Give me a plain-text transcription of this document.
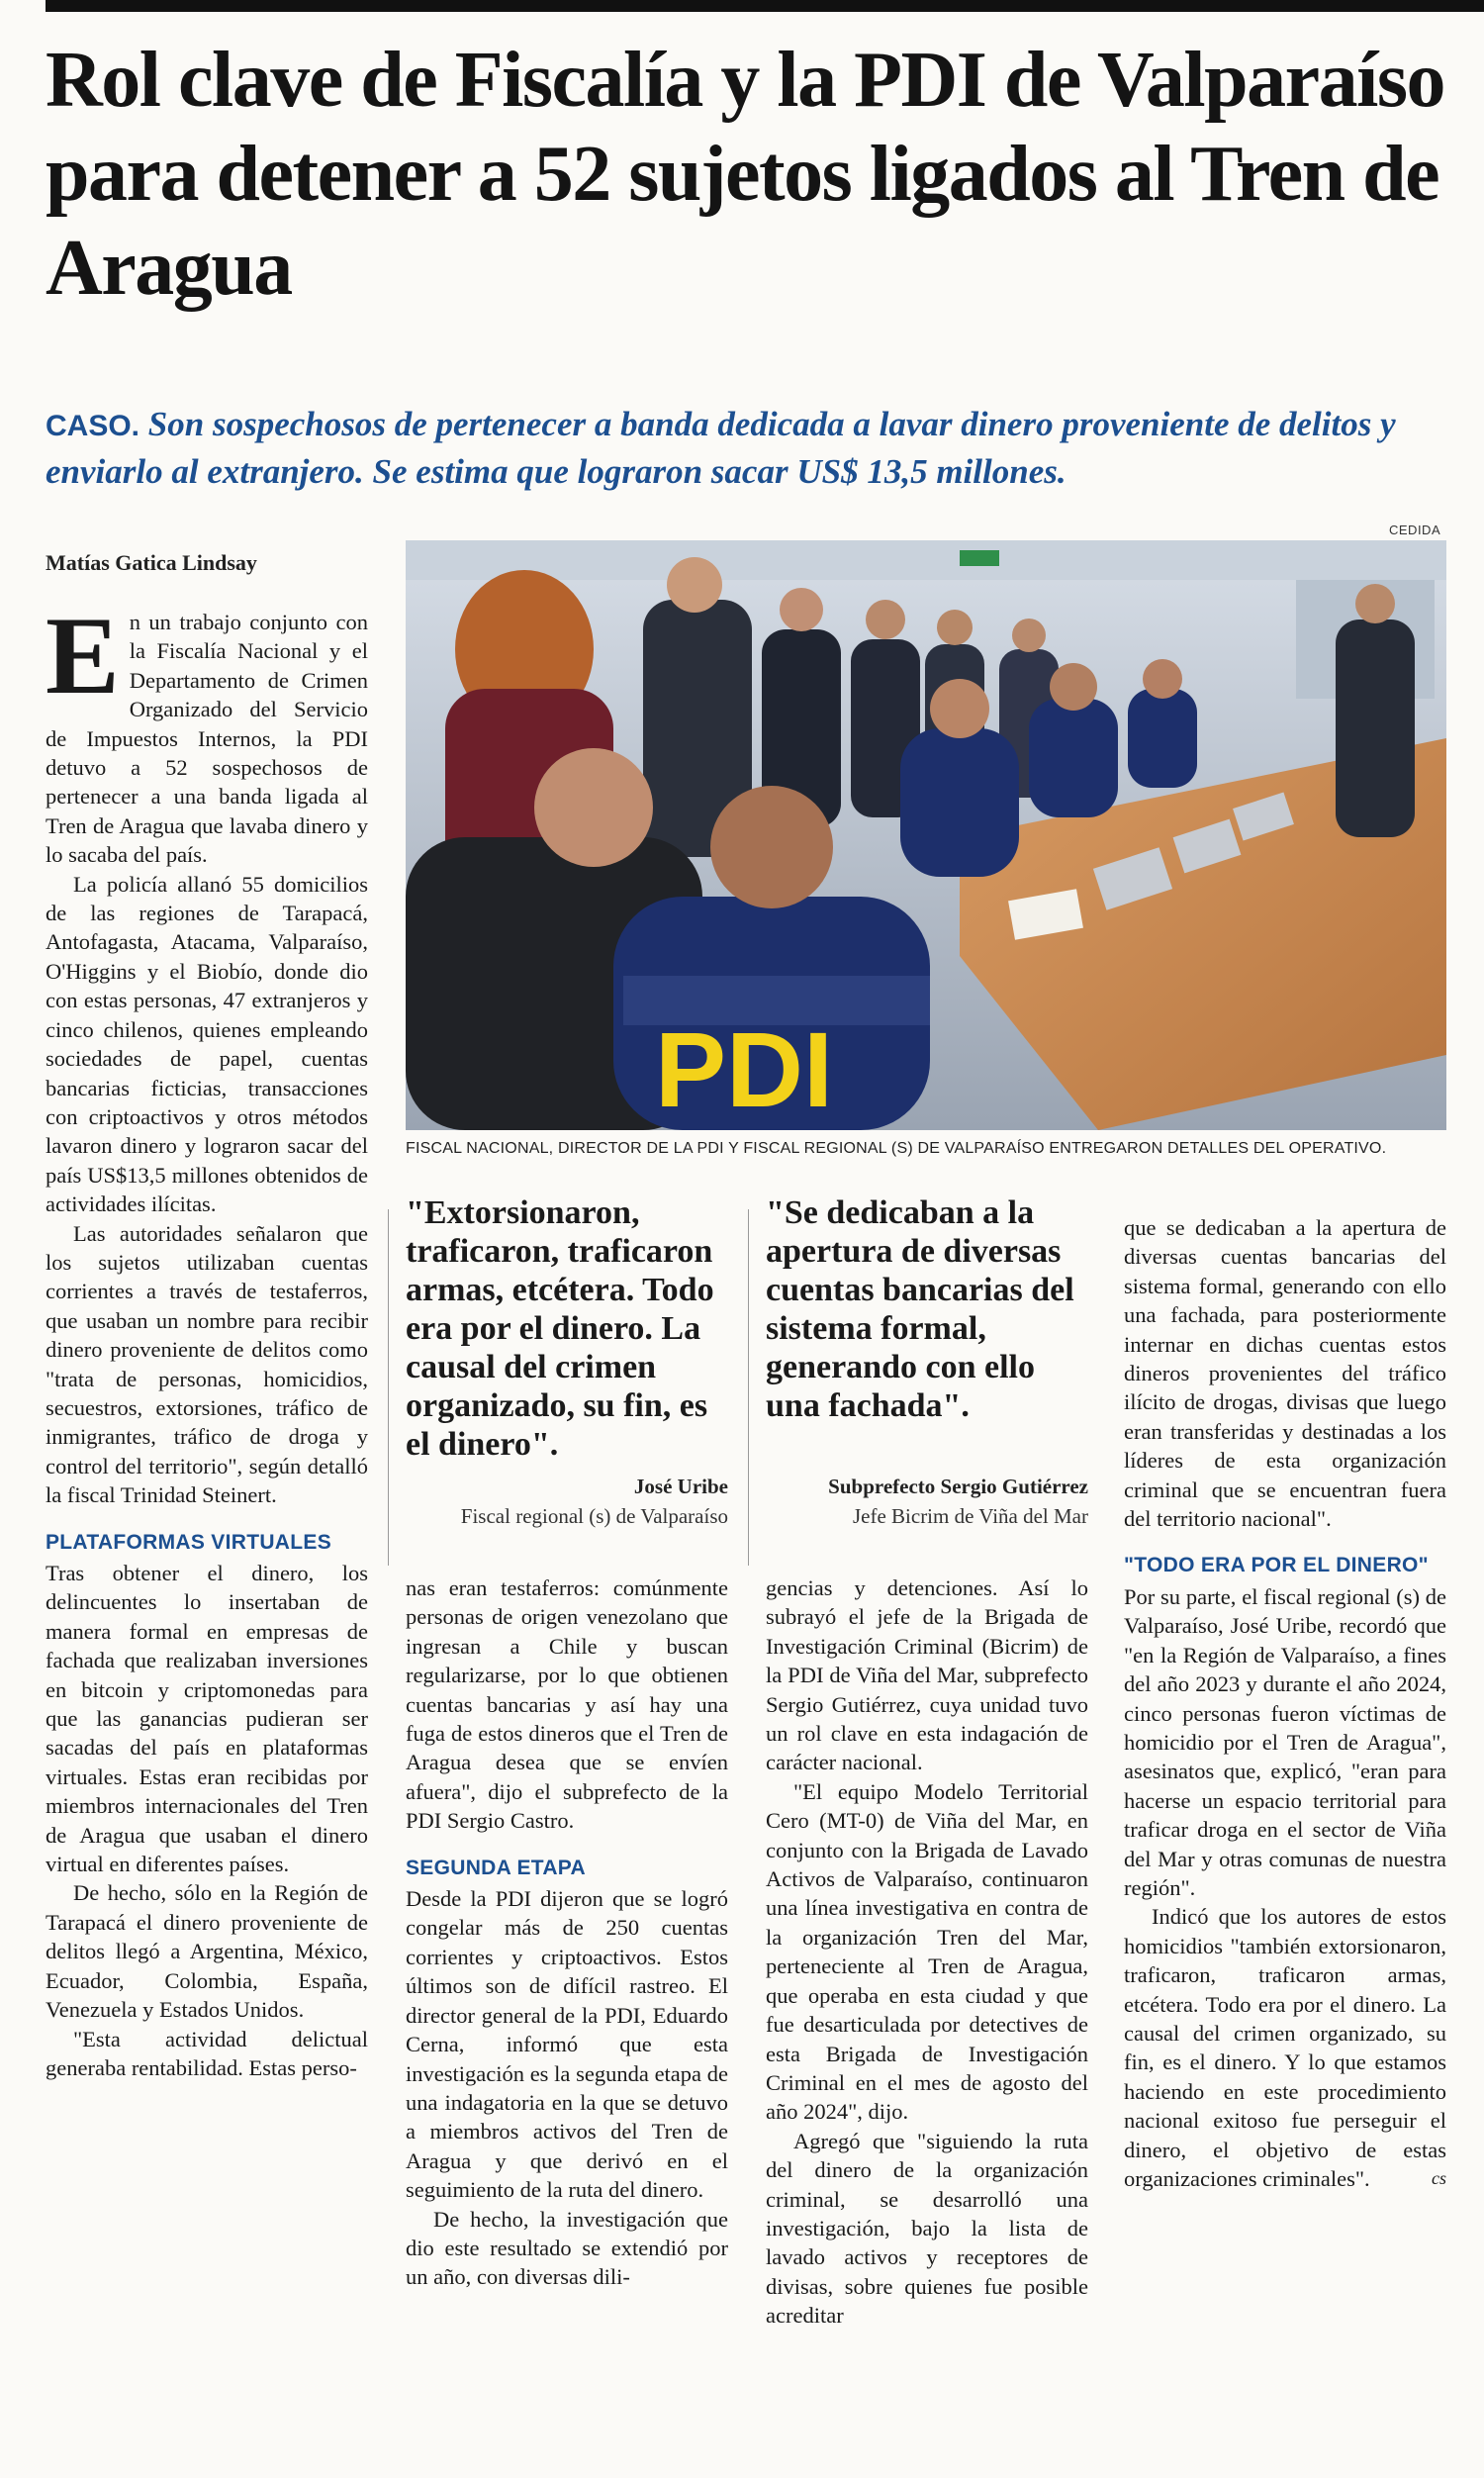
Rol clave de Fiscalía y la PDI de Valparaíso para detener a 52 sujetos ligados al Tren de Aragua

CASO. Son sospechosos de pertenecer a banda dedicada a lavar dinero proveniente de delitos y enviarlo al extranjero. Se estima que lograron sacar US$ 13,5 millones.

CEDIDA
Matías Gatica Lindsay
PDI
FISCAL NACIONAL, DIRECTOR DE LA PDI Y FISCAL REGIONAL (S) DE VALPARAÍSO ENTREGARON DETALLES DEL OPERATIVO.
E n un trabajo conjunto con la Fiscalía Nacional y el Departamento de Crimen Organizado del Servicio de Impuestos Internos, la PDI detuvo a 52 sospechosos de pertenecer a una banda ligada al Tren de Aragua que lavaba dinero y lo sacaba del país.

La policía allanó 55 domicilios de las regiones de Tarapacá, Antofagasta, Atacama, Valparaíso, O'Higgins y el Biobío, donde dio con estas personas, 47 extranjeros y cinco chilenos, quienes empleando sociedades de papel, cuentas bancarias ficticias, transacciones con criptoactivos y otros métodos lavaron dinero y lograron sacar del país US$13,5 millones obtenidos de actividades ilícitas.

Las autoridades señalaron que los sujetos utilizaban cuentas corrientes a través de testaferros, que usaban un nombre para recibir dinero proveniente de delitos como "trata de personas, homicidios, secuestros, extorsiones, tráfico de inmigrantes, tráfico de droga y control del territorio", según detalló la fiscal Trinidad Steinert.

PLATAFORMAS VIRTUALES

Tras obtener el dinero, los delincuentes lo insertaban de manera formal en empresas de fachada que realizaban inversiones en bitcoin y criptomonedas para que las ganancias pudieran ser sacadas del país en plataformas virtuales. Estas eran recibidas por miembros internacionales del Tren de Aragua que usaban el dinero virtual en diferentes países.

De hecho, sólo en la Región de Tarapacá el dinero proveniente de delitos llegó a Argentina, México, Ecuador, Colombia, España, Venezuela y Estados Unidos.

"Esta actividad delictual generaba rentabilidad. Estas perso-

"Extorsionaron, traficaron, traficaron armas, etcétera. Todo era por el dinero. La causal del crimen organizado, su fin, es el dinero".

José Uribe
Fiscal regional (s) de Valparaíso

"Se dedicaban a la apertura de diversas cuentas bancarias del sistema formal, generando con ello una fachada".

Subprefecto Sergio Gutiérrez
Jefe Bicrim de Viña del Mar

nas eran testaferros: comúnmente personas de origen venezolano que ingresan a Chile y buscan regularizarse, por lo que obtienen cuentas bancarias y así hay una fuga de estos dineros que el Tren de Aragua desea que se envíen afuera", dijo el subprefecto de la PDI Sergio Castro.

SEGUNDA ETAPA

Desde la PDI dijeron que se logró congelar más de 250 cuentas corrientes y criptoactivos. Estos últimos son de difícil rastreo. El director general de la PDI, Eduardo Cerna, informó que esta investigación es la segunda etapa de una indagatoria en la que se detuvo a miembros activos del Tren de Aragua y que derivó en el seguimiento de la ruta del dinero.

De hecho, la investigación que dio este resultado se extendió por un año, con diversas dili-

gencias y detenciones. Así lo subrayó el jefe de la Brigada de Investigación Criminal (Bicrim) de la PDI de Viña del Mar, subprefecto Sergio Gutiérrez, cuya unidad tuvo un rol clave en esta indagación de carácter nacional.

"El equipo Modelo Territorial Cero (MT-0) de Viña del Mar, en conjunto con la Brigada de Lavado Activos de Valparaíso, continuaron una línea investigativa en contra de la organización Tren del Mar, perteneciente al Tren de Aragua, que operaba en esta ciudad y que fue desarticulada por detectives de esta Brigada de Investigación Criminal en el mes de agosto del año 2024", dijo.

Agregó que "siguiendo la ruta del dinero de la organización criminal, se desarrolló una investigación, bajo la lista de lavado activos y receptores de divisas, sobre quienes fue posible acreditar

que se dedicaban a la apertura de diversas cuentas bancarias del sistema formal, generando con ello una fachada, para posteriormente internar en dichas cuentas estos dineros provenientes del tráfico ilícito de drogas, divisas que luego eran transferidas y destinadas a los líderes de esta organización criminal que se encuentran fuera del territorio nacional".

"TODO ERA POR EL DINERO"

Por su parte, el fiscal regional (s) de Valparaíso, José Uribe, recordó que "en la Región de Valparaíso, a fines del año 2023 y durante el año 2024, cinco personas fueron víctimas de homicidio por el Tren de Aragua", asesinatos que, explicó, "eran para hacerse un espacio territorial para traficar droga en el sector de Viña del Mar y otras comunas de nuestra región".

Indicó que los autores de estos homicidios "también extorsionaron, traficaron, traficaron armas, etcétera. Todo era por el dinero. La causal del crimen organizado, su fin, es el dinero. Y lo que estamos haciendo en este procedimiento nacional exitoso fue perseguir el dinero, el objetivo de estas organizaciones criminales".	cs
